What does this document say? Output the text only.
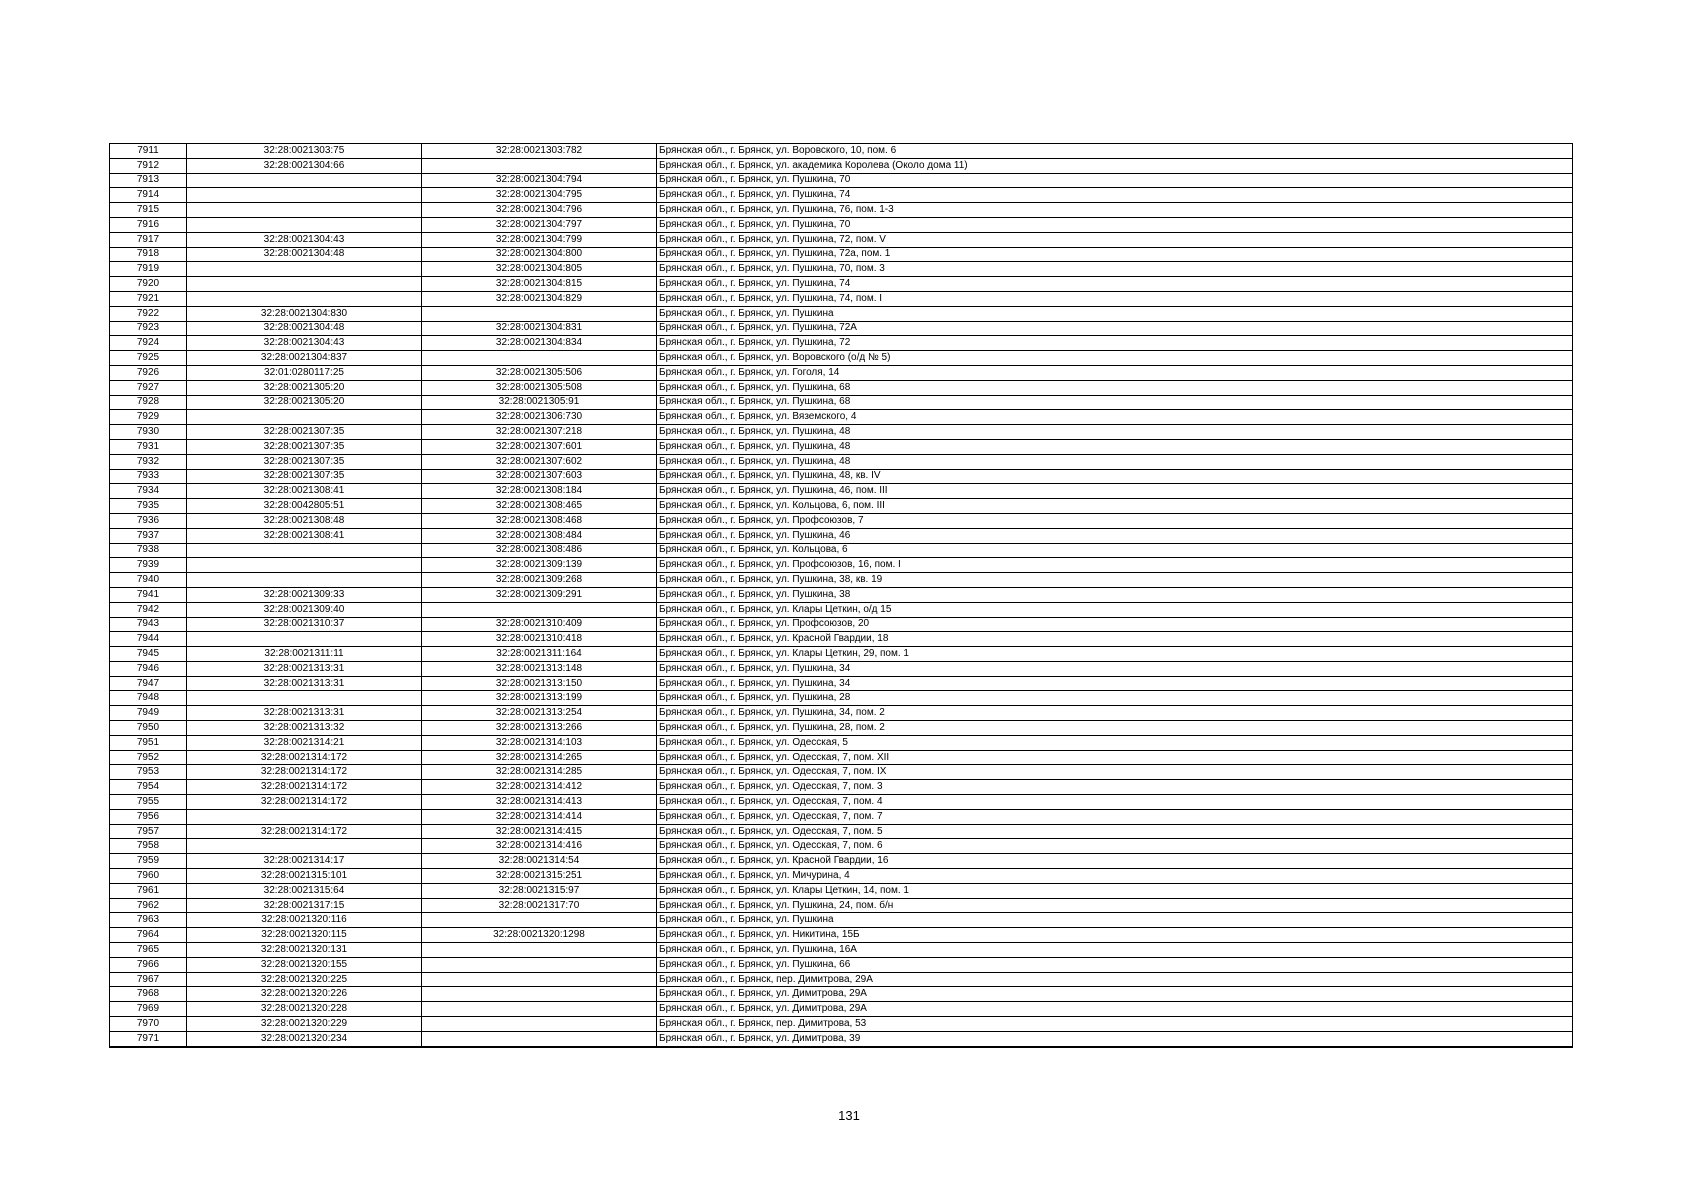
7911	32:28:0021303:75	32:28:0021303:782	Брянская обл., г. Брянск, ул. Воровского, 10, пом. 6
7912	32:28:0021304:66		Брянская обл., г. Брянск, ул. академика Королева (Около дома 11)
7913		32:28:0021304:794	Брянская обл., г. Брянск, ул. Пушкина, 70
7914		32:28:0021304:795	Брянская обл., г. Брянск, ул. Пушкина, 74
7915		32:28:0021304:796	Брянская обл., г. Брянск, ул. Пушкина, 76, пом. 1-3
7916		32:28:0021304:797	Брянская обл., г. Брянск, ул. Пушкина, 70
7917	32:28:0021304:43	32:28:0021304:799	Брянская обл., г. Брянск, ул. Пушкина, 72, пом. V
7918	32:28:0021304:48	32:28:0021304:800	Брянская обл., г. Брянск, ул. Пушкина, 72а, пом. 1
7919		32:28:0021304:805	Брянская обл., г. Брянск, ул. Пушкина, 70, пом. 3
7920		32:28:0021304:815	Брянская обл., г. Брянск, ул. Пушкина, 74
7921		32:28:0021304:829	Брянская обл., г. Брянск, ул. Пушкина, 74, пом. I
7922	32:28:0021304:830		Брянская обл., г. Брянск, ул. Пушкина
7923	32:28:0021304:48	32:28:0021304:831	Брянская обл., г. Брянск, ул. Пушкина, 72А
7924	32:28:0021304:43	32:28:0021304:834	Брянская обл., г. Брянск, ул. Пушкина, 72
7925	32:28:0021304:837		Брянская обл., г. Брянск, ул. Воровского (о/д № 5)
7926	32:01:0280117:25	32:28:0021305:506	Брянская обл., г. Брянск, ул. Гоголя, 14
7927	32:28:0021305:20	32:28:0021305:508	Брянская обл., г. Брянск, ул. Пушкина, 68
7928	32:28:0021305:20	32:28:0021305:91	Брянская обл., г. Брянск, ул. Пушкина, 68
7929		32:28:0021306:730	Брянская обл., г. Брянск, ул. Вяземского, 4
7930	32:28:0021307:35	32:28:0021307:218	Брянская обл., г. Брянск, ул. Пушкина, 48
7931	32:28:0021307:35	32:28:0021307:601	Брянская обл., г. Брянск, ул. Пушкина, 48
7932	32:28:0021307:35	32:28:0021307:602	Брянская обл., г. Брянск, ул. Пушкина, 48
7933	32:28:0021307:35	32:28:0021307:603	Брянская обл., г. Брянск, ул. Пушкина, 48, кв. IV
7934	32:28:0021308:41	32:28:0021308:184	Брянская обл., г. Брянск, ул. Пушкина, 46, пом. III
7935	32:28:0042805:51	32:28:0021308:465	Брянская обл., г. Брянск, ул. Кольцова, 6, пом. III
7936	32:28:0021308:48	32:28:0021308:468	Брянская обл., г. Брянск, ул. Профсоюзов, 7
7937	32:28:0021308:41	32:28:0021308:484	Брянская обл., г. Брянск, ул. Пушкина, 46
7938		32:28:0021308:486	Брянская обл., г. Брянск, ул. Кольцова, 6
7939		32:28:0021309:139	Брянская обл., г. Брянск, ул. Профсоюзов, 16, пом. I
7940		32:28:0021309:268	Брянская обл., г. Брянск, ул. Пушкина, 38, кв. 19
7941	32:28:0021309:33	32:28:0021309:291	Брянская обл., г. Брянск, ул. Пушкина, 38
7942	32:28:0021309:40		Брянская обл., г. Брянск, ул. Клары Цеткин, о/д 15
7943	32:28:0021310:37	32:28:0021310:409	Брянская обл., г. Брянск, ул. Профсоюзов, 20
7944		32:28:0021310:418	Брянская обл., г. Брянск, ул. Красной Гвардии, 18
7945	32:28:0021311:11	32:28:0021311:164	Брянская обл., г. Брянск, ул. Клары Цеткин, 29, пом. 1
7946	32:28:0021313:31	32:28:0021313:148	Брянская обл., г. Брянск, ул. Пушкина, 34
7947	32:28:0021313:31	32:28:0021313:150	Брянская обл., г. Брянск, ул. Пушкина, 34
7948		32:28:0021313:199	Брянская обл., г. Брянск, ул. Пушкина, 28
7949	32:28:0021313:31	32:28:0021313:254	Брянская обл., г. Брянск, ул. Пушкина, 34, пом. 2
7950	32:28:0021313:32	32:28:0021313:266	Брянская обл., г. Брянск, ул. Пушкина, 28, пом. 2
7951	32:28:0021314:21	32:28:0021314:103	Брянская обл., г. Брянск, ул. Одесская, 5
7952	32:28:0021314:172	32:28:0021314:265	Брянская обл., г. Брянск, ул. Одесская, 7, пом. XII
7953	32:28:0021314:172	32:28:0021314:285	Брянская обл., г. Брянск, ул. Одесская, 7, пом. IX
7954	32:28:0021314:172	32:28:0021314:412	Брянская обл., г. Брянск, ул. Одесская, 7, пом. 3
7955	32:28:0021314:172	32:28:0021314:413	Брянская обл., г. Брянск, ул. Одесская, 7, пом. 4
7956		32:28:0021314:414	Брянская обл., г. Брянск, ул. Одесская, 7, пом. 7
7957	32:28:0021314:172	32:28:0021314:415	Брянская обл., г. Брянск, ул. Одесская, 7, пом. 5
7958		32:28:0021314:416	Брянская обл., г. Брянск, ул. Одесская, 7, пом. 6
7959	32:28:0021314:17	32:28:0021314:54	Брянская обл., г. Брянск, ул. Красной Гвардии, 16
7960	32:28:0021315:101	32:28:0021315:251	Брянская обл., г. Брянск, ул. Мичурина, 4
7961	32:28:0021315:64	32:28:0021315:97	Брянская обл., г. Брянск, ул. Клары Цеткин, 14, пом. 1
7962	32:28:0021317:15	32:28:0021317:70	Брянская обл., г. Брянск, ул. Пушкина, 24, пом. б/н
7963	32:28:0021320:116		Брянская обл., г. Брянск, ул. Пушкина
7964	32:28:0021320:115	32:28:0021320:1298	Брянская обл., г. Брянск, ул. Никитина, 15Б
7965	32:28:0021320:131		Брянская обл., г. Брянск, ул. Пушкина, 16А
7966	32:28:0021320:155		Брянская обл., г. Брянск, ул. Пушкина, 66
7967	32:28:0021320:225		Брянская обл., г. Брянск, пер. Димитрова, 29А
7968	32:28:0021320:226		Брянская обл., г. Брянск, ул. Димитрова, 29А
7969	32:28:0021320:228		Брянская обл., г. Брянск, ул. Димитрова, 29А
7970	32:28:0021320:229		Брянская обл., г. Брянск, пер. Димитрова, 53
7971	32:28:0021320:234		Брянская обл., г. Брянск, ул. Димитрова, 39
131
